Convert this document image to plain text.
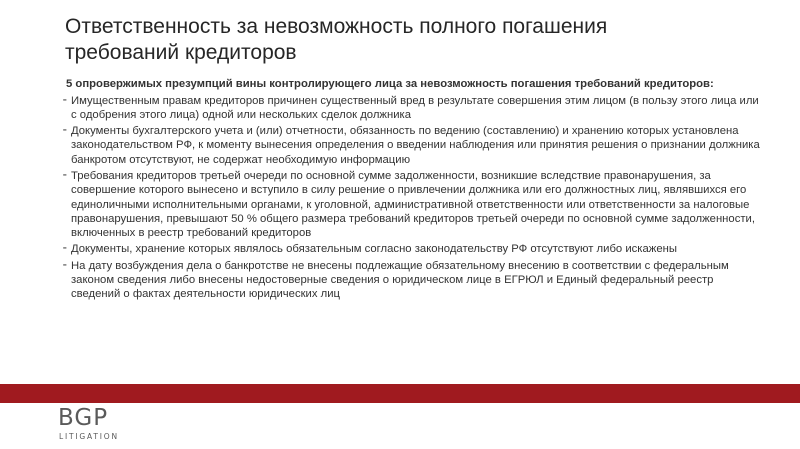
Ответственность за невозможность полного погашения
требований кредиторов

5 опровержимых презумпций вины контролирующего лица за невозможность погашения требований кредиторов:

⁃ Имущественным правам кредиторов причинен существенный вред в результате совершения этим лицом (в пользу этого лица или с одобрения этого лица) одной или нескольких сделок должника
⁃ Документы бухгалтерского учета и (или) отчетности, обязанность по ведению (составлению) и хранению которых установлена законодательством РФ, к моменту вынесения определения о введении наблюдения или принятия решения о признании должника банкротом отсутствуют, не содержат необходимую информацию
⁃ Требования кредиторов третьей очереди по основной сумме задолженности, возникшие вследствие правонарушения, за совершение которого вынесено и вступило в силу решение о привлечении должника или его должностных лиц, являвшихся его единоличными исполнительными органами, к уголовной, административной ответственности или ответственности за налоговые правонарушения, превышают 50 % общего размера требований кредиторов третьей очереди по основной сумме задолженности, включенных в реестр требований кредиторов
⁃ Документы, хранение которых являлось обязательным согласно законодательству РФ отсутствуют либо искажены
⁃ На дату возбуждения дела о банкротстве не внесены подлежащие обязательному внесению в соответствии с федеральным законом сведения либо внесены недостоверные сведения о юридическом лице в ЕГРЮЛ и Единый федеральный реестр сведений о фактах деятельности юридических лиц
BGP
LITIGATION
